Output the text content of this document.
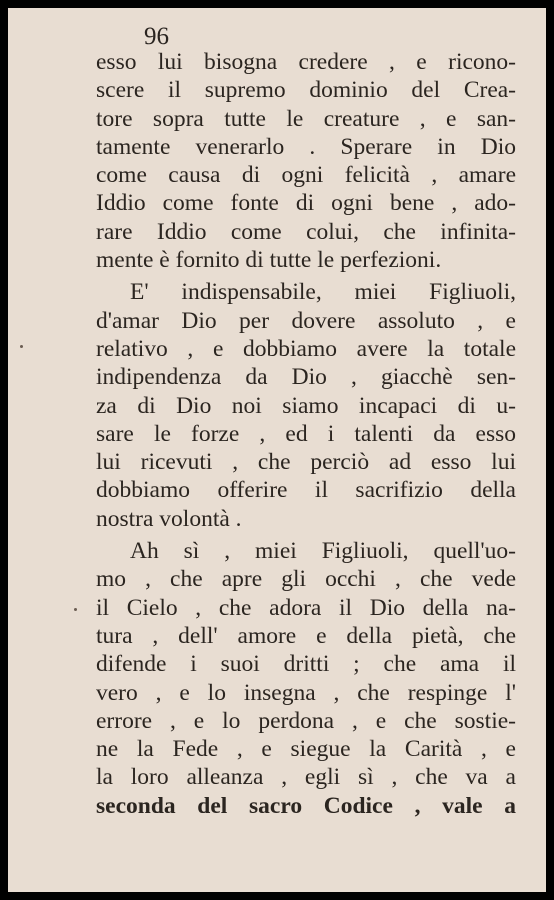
96
esso lui bisogna credere , e ricono-
scere il supremo dominio del Crea-
tore sopra tutte le creature , e san-
tamente venerarlo . Sperare in Dio
come causa di ogni felicità , amare
Iddio come fonte di ogni bene , ado-
rare Iddio come colui, che infinita-
mente è fornito di tutte le perfezioni.
E' indispensabile, miei Figliuoli,
d'amar Dio per dovere assoluto , e
relativo , e dobbiamo avere la totale
indipendenza da Dio , giacchè sen-
za di Dio noi siamo incapaci di u-
sare le forze , ed i talenti da esso
lui ricevuti , che perciò ad esso lui
dobbiamo offerire il sacrifizio della
nostra volontà .
Ah sì , miei Figliuoli, quell'uo-
mo , che apre gli occhi , che vede
il Cielo , che adora il Dio della na-
tura , dell' amore e della pietà, che
difende i suoi dritti ; che ama il
vero , e lo insegna , che respinge l'
errore , e lo perdona , e che sostie-
ne la Fede , e siegue la Carità , e
la loro alleanza , egli sì , che va a
seconda del sacro Codice , vale a
